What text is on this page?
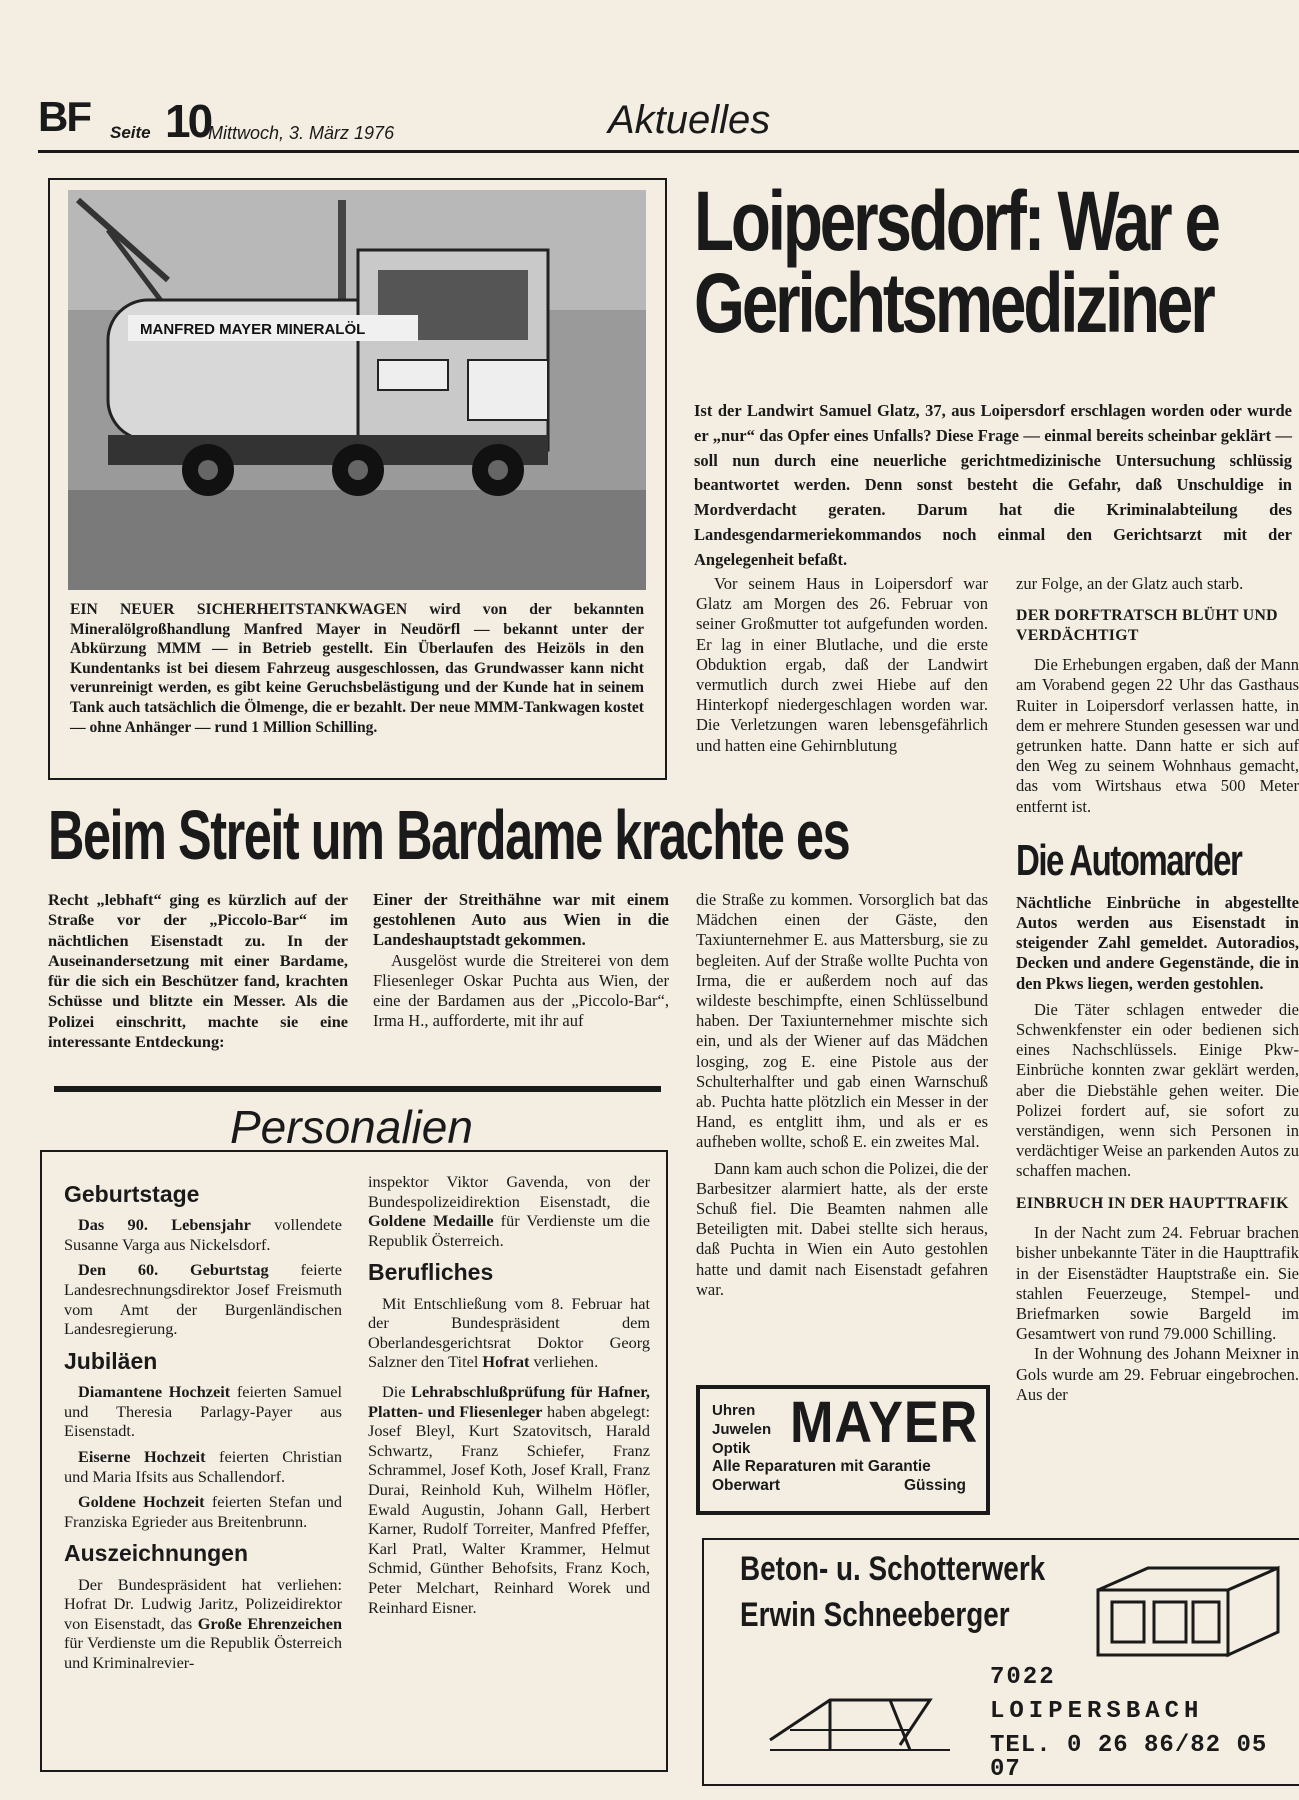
BF Seite 10
Mittwoch, 3. März 1976	Aktuelles
MANFRED MAYER MINERALÖL
EIN NEUER SICHERHEITSTANKWAGEN wird von der bekannten Mineralölgroßhandlung Manfred Mayer in Neudörfl — bekannt unter der Abkürzung MMM — in Betrieb gestellt. Ein Überlaufen des Heizöls in den Kundentanks ist bei diesem Fahrzeug ausgeschlossen, das Grundwasser kann nicht verunreinigt werden, es gibt keine Geruchsbelästigung und der Kunde hat in seinem Tank auch tatsächlich die Ölmenge, die er bezahlt. Der neue MMM-Tankwagen kostet — ohne Anhänger — rund 1 Million Schilling.
Loipersdorf: War e
Gerichtsmediziner
Ist der Landwirt Samuel Glatz, 37, aus Loipersdorf erschlagen worden oder wurde er „nur“ das Opfer eines Unfalls? Diese Frage — einmal bereits scheinbar geklärt — soll nun durch eine neuerliche gerichtmedizinische Untersuchung schlüssig beantwortet werden. Denn sonst besteht die Gefahr, daß Unschuldige in Mordverdacht geraten. Darum hat die Kriminalabteilung des Landesgendarmeriekommandos noch einmal den Gerichtsarzt mit der Angelegenheit befaßt.

Vor seinem Haus in Loipersdorf war Glatz am Morgen des 26. Februar von seiner Großmutter tot aufgefunden worden. Er lag in einer Blutlache, und die erste Obduktion ergab, daß der Landwirt vermutlich durch zwei Hiebe auf den Hinterkopf niedergeschlagen worden war. Die Verletzungen waren lebensgefährlich und hatten eine Gehirnblutung

zur Folge, an der Glatz auch starb.

DER DORFTRATSCH BLÜHT UND VERDÄCHTIGT

Die Erhebungen ergaben, daß der Mann am Vorabend gegen 22 Uhr das Gasthaus Ruiter in Loipersdorf verlassen hatte, in dem er mehrere Stunden gesessen war und getrunken hatte. Dann hatte er sich auf den Weg zu seinem Wohnhaus gemacht, das vom Wirtshaus etwa 500 Meter entfernt ist.

Die Automarder

Nächtliche Einbrüche in abgestellte Autos werden aus Eisenstadt in steigender Zahl gemeldet. Autoradios, Decken und andere Gegenstände, die in den Pkws liegen, werden gestohlen.

Die Täter schlagen entweder die Schwenkfenster ein oder bedienen sich eines Nachschlüssels. Einige Pkw-Einbrüche konnten zwar geklärt werden, aber die Diebstähle gehen weiter. Die Polizei fordert auf, sie sofort zu verständigen, wenn sich Personen in verdächtiger Weise an parkenden Autos zu schaffen machen.

EINBRUCH IN DER HAUPTTRAFIK

In der Nacht zum 24. Februar brachen bisher unbekannte Täter in die Haupttrafik in der Eisenstädter Hauptstraße ein. Sie stahlen Feuerzeuge, Stempel- und Briefmarken sowie Bargeld im Gesamtwert von rund 79.000 Schilling.

In der Wohnung des Johann Meixner in Gols wurde am 29. Februar eingebrochen. Aus der

Beim Streit um Bardame krachte es
Recht „lebhaft“ ging es kürzlich auf der Straße vor der „Piccolo-Bar“ im nächtlichen Eisenstadt zu. In der Auseinandersetzung mit einer Bardame, für die sich ein Beschützer fand, krachten Schüsse und blitzte ein Messer. Als die Polizei einschritt, machte sie eine interessante Entdeckung:

Einer der Streithähne war mit einem gestohlenen Auto aus Wien in die Landeshauptstadt gekommen.

Ausgelöst wurde die Streiterei von dem Fliesenleger Oskar Puchta aus Wien, der eine der Bardamen aus der „Piccolo-Bar“, Irma H., aufforderte, mit ihr auf

die Straße zu kommen. Vorsorglich bat das Mädchen einen der Gäste, den Taxiunternehmer E. aus Mattersburg, sie zu begleiten. Auf der Straße wollte Puchta von Irma, die er außerdem noch auf das wildeste beschimpfte, einen Schlüsselbund haben. Der Taxiunternehmer mischte sich ein, und als der Wiener auf das Mädchen losging, zog E. eine Pistole aus der Schulterhalfter und gab einen Warnschuß ab. Puchta hatte plötzlich ein Messer in der Hand, es entglitt ihm, und als er es aufheben wollte, schoß E. ein zweites Mal.

Dann kam auch schon die Polizei, die der Barbesitzer alarmiert hatte, als der erste Schuß fiel. Die Beamten nahmen alle Beteiligten mit. Dabei stellte sich heraus, daß Puchta in Wien ein Auto gestohlen hatte und damit nach Eisenstadt gefahren war.

Personalien
Geburtstage

Das 90. Lebensjahr vollendete Susanne Varga aus Nickelsdorf.

Den 60. Geburtstag feierte Landesrechnungsdirektor Josef Freismuth vom Amt der Burgenländischen Landesregierung.

Jubiläen

Diamantene Hochzeit feierten Samuel und Theresia Parlagy-Payer aus Eisenstadt.

Eiserne Hochzeit feierten Christian und Maria Ifsits aus Schallendorf.

Goldene Hochzeit feierten Stefan und Franziska Egrieder aus Breitenbrunn.

Auszeichnungen

Der Bundespräsident hat verliehen: Hofrat Dr. Ludwig Jaritz, Polizeidirektor von Eisenstadt, das Große Ehrenzeichen für Verdienste um die Republik Österreich und Kriminalrevier-

inspektor Viktor Gavenda, von der Bundespolizeidirektion Eisenstadt, die Goldene Medaille für Verdienste um die Republik Österreich.

Berufliches

Mit Entschließung vom 8. Februar hat der Bundespräsident dem Oberlandesgerichtsrat Doktor Georg Salzner den Titel Hofrat verliehen.

Die Lehrabschlußprüfung für Hafner, Platten- und Fliesenleger haben abgelegt: Josef Bleyl, Kurt Szatovitsch, Harald Schwartz, Franz Schiefer, Franz Schrammel, Josef Koth, Josef Krall, Franz Durai, Reinhold Kuh, Wilhelm Höfler, Ewald Augustin, Johann Gall, Herbert Karner, Rudolf Torreiter, Manfred Pfeffer, Karl Pratl, Walter Krammer, Helmut Schmid, Günther Behofsits, Franz Koch, Peter Melchart, Reinhard Worek und Reinhard Eisner.

Uhren
Juwelen
Optik MAYER
Alle Reparaturen mit Garantie
Oberwart	Güssing
Beton- u. Schotterwerk
Erwin Schneeberger
7022
LOIPERSBACH
TEL. 0 26 86/82 05 07
